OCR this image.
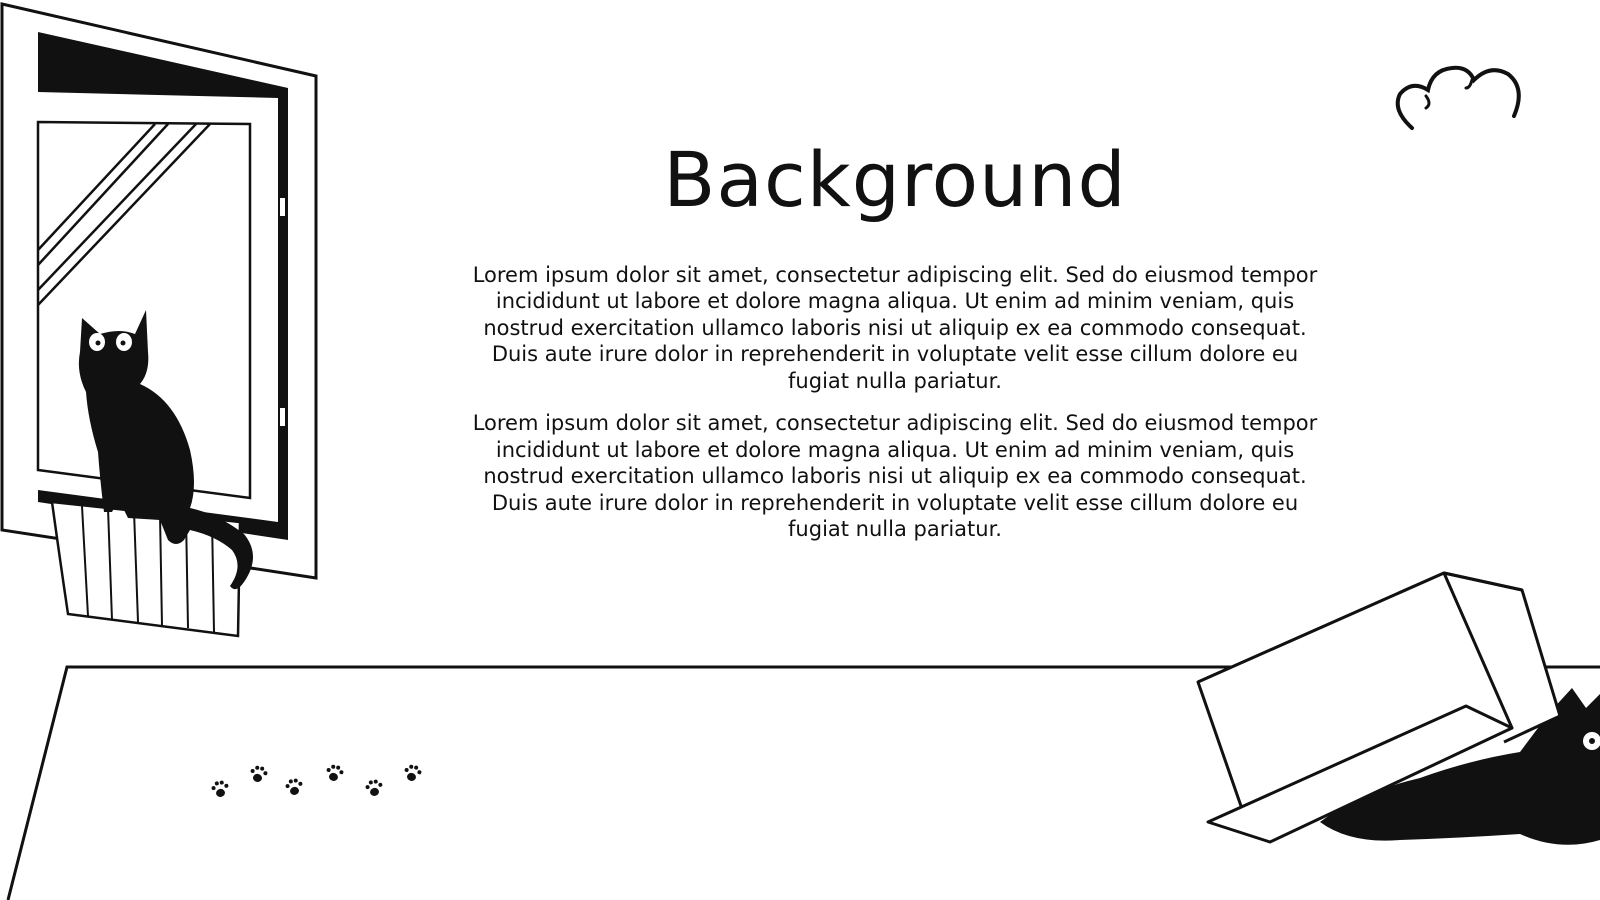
Background

Lorem ipsum dolor sit amet, consectetur adipiscing elit. Sed do eiusmod tempor incididunt ut labore et dolore magna aliqua. Ut enim ad minim veniam, quis nostrud exercitation ullamco laboris nisi ut aliquip ex ea commodo consequat. Duis aute irure dolor in reprehenderit in voluptate velit esse cillum dolore eu fugiat nulla pariatur.

Lorem ipsum dolor sit amet, consectetur adipiscing elit. Sed do eiusmod tempor incididunt ut labore et dolore magna aliqua. Ut enim ad minim veniam, quis nostrud exercitation ullamco laboris nisi ut aliquip ex ea commodo consequat. Duis aute irure dolor in reprehenderit in voluptate velit esse cillum dolore eu fugiat nulla pariatur.
